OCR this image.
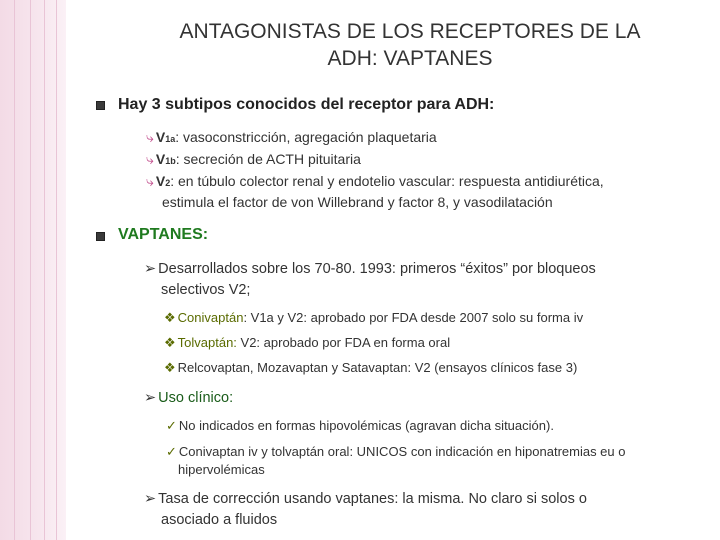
ANTAGONISTAS DE LOS RECEPTORES DE LA
ADH: VAPTANES
Hay 3 subtipos conocidos del receptor para ADH:
⤷ V1a: vasoconstricción, agregación plaquetaria
⤷ V1b: secreción de ACTH pituitaria
⤷ V2: en túbulo colector renal y endotelio vascular: respuesta antidiurética,
estimula el factor de von Willebrand y factor 8, y vasodilatación
VAPTANES:
➢ Desarrollados sobre los 70-80. 1993: primeros “éxitos” por bloqueos
selectivos V2;
❖ Conivaptán: V1a y V2: aprobado por FDA desde 2007 solo su forma iv
❖ Tolvaptán: V2: aprobado por FDA en forma oral
❖ Relcovaptan, Mozavaptan y Satavaptan: V2 (ensayos clínicos fase 3)
➢ Uso clínico:
✓ No indicados en formas hipovolémicas (agravan dicha situación).
✓ Conivaptan iv y tolvaptán oral: UNICOS con indicación en hiponatremias eu o
hipervolémicas
➢ Tasa de corrección usando vaptanes: la misma. No claro si solos o
asociado a fluidos
